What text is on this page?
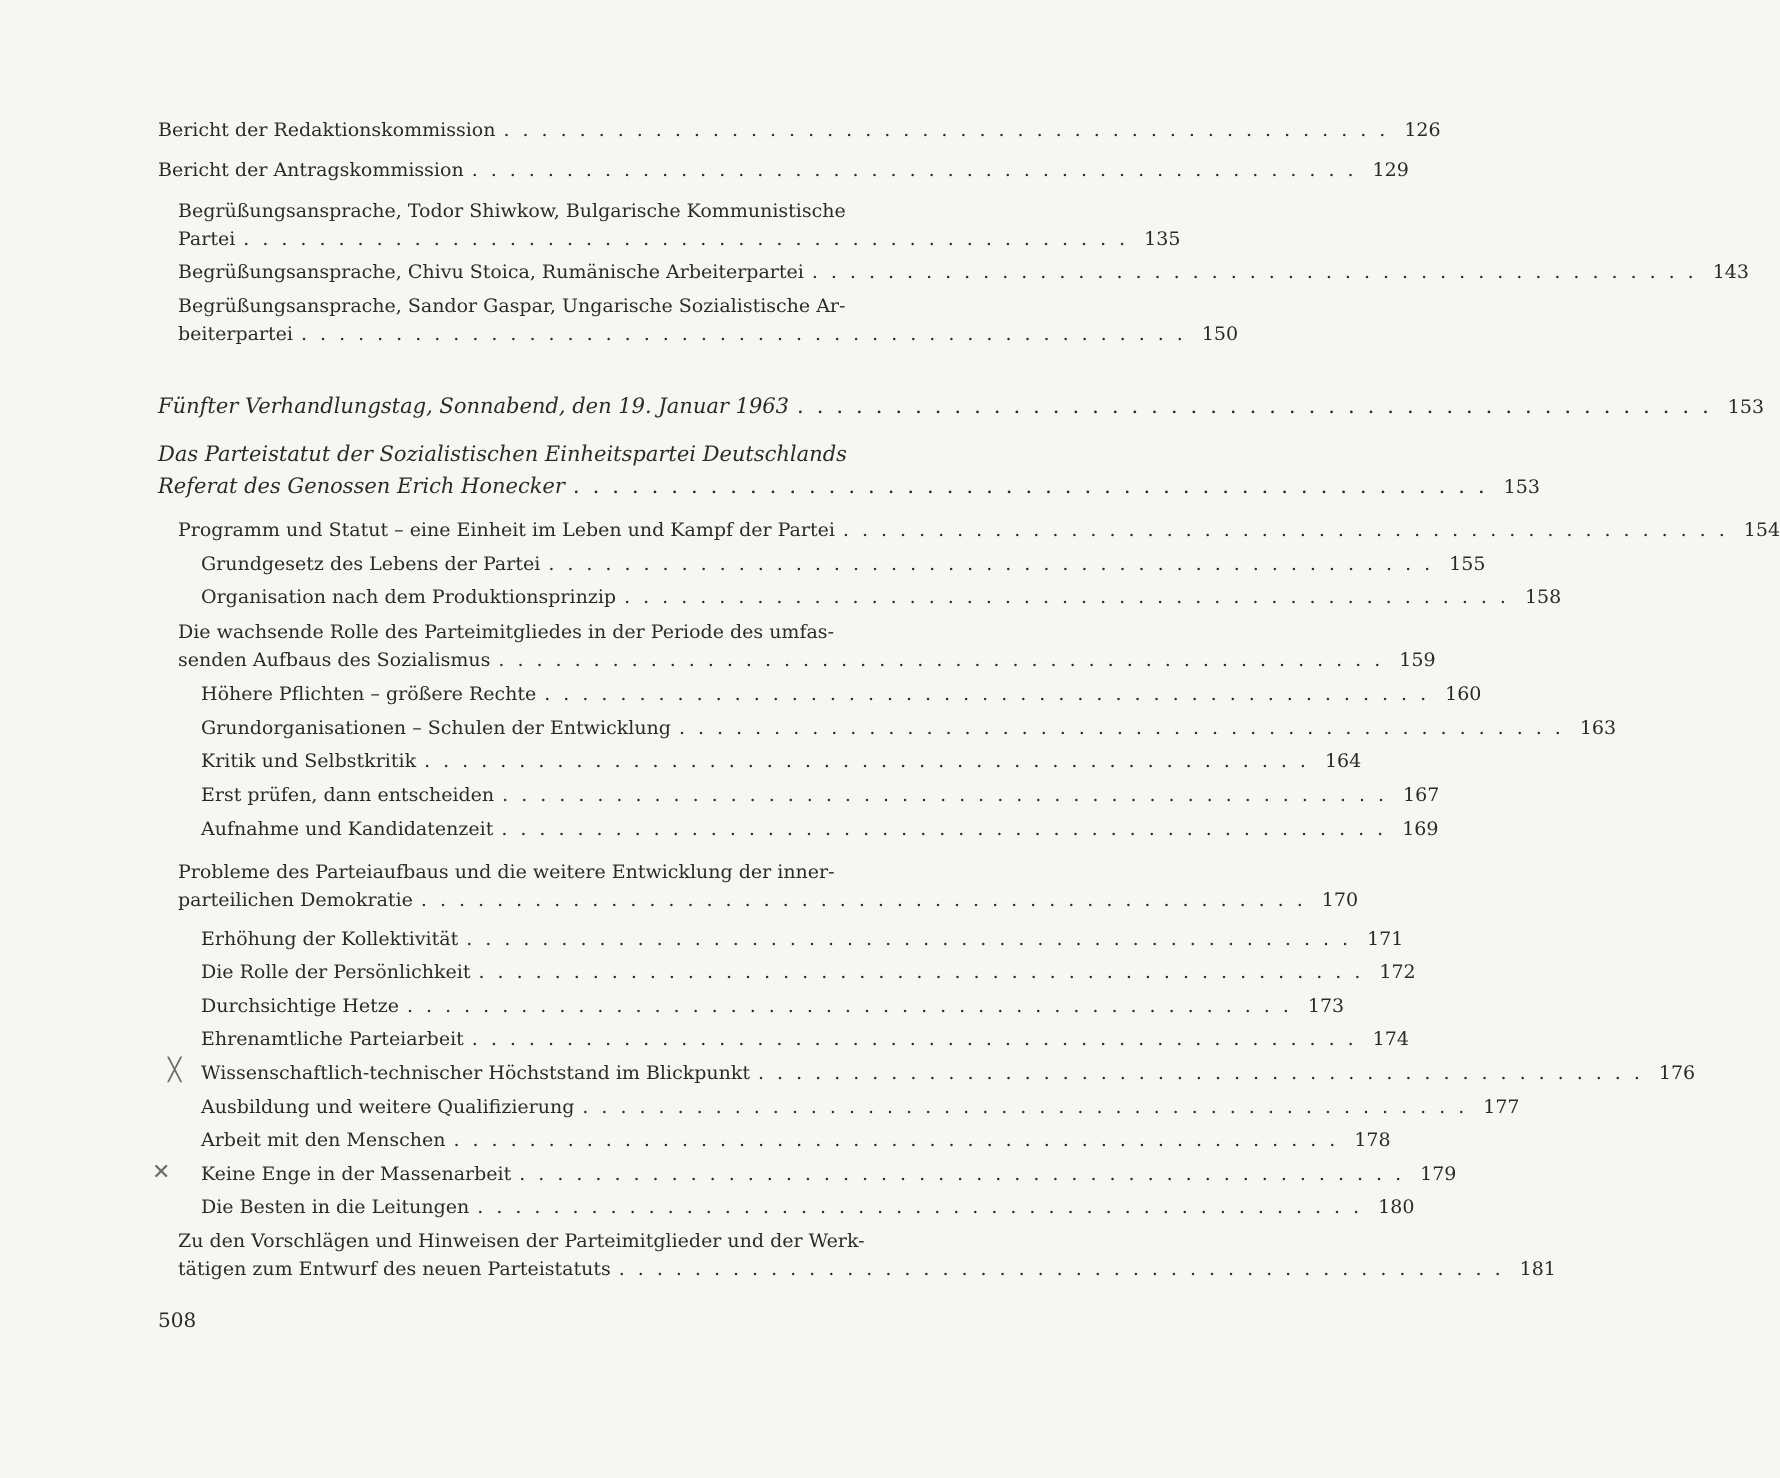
╳
✕
Bericht der Redaktionskommission ............................................... 126
Bericht der Antragskommission ............................................... 129
Begrüßungsansprache, Todor Shiwkow, Bulgarische Kommunistische
Partei ............................................... 135
Begrüßungsansprache, Chivu Stoica, Rumänische Arbeiterpartei ............................................... 143
Begrüßungsansprache, Sandor Gaspar, Ungarische Sozialistische Ar-
beiterpartei ............................................... 150
Fünfter Verhandlungstag, Sonnabend, den 19. Januar 1963 ............................................... 153
Das Parteistatut der Sozialistischen Einheitspartei Deutschlands
Referat des Genossen Erich Honecker ............................................... 153
Programm und Statut – eine Einheit im Leben und Kampf der Partei ............................................... 154
Grundgesetz des Lebens der Partei ............................................... 155
Organisation nach dem Produktionsprinzip ............................................... 158
Die wachsende Rolle des Parteimitgliedes in der Periode des umfas-
senden Aufbaus des Sozialismus ............................................... 159
Höhere Pflichten – größere Rechte ............................................... 160
Grundorganisationen – Schulen der Entwicklung ............................................... 163
Kritik und Selbstkritik ............................................... 164
Erst prüfen, dann entscheiden ............................................... 167
Aufnahme und Kandidatenzeit ............................................... 169
Probleme des Parteiaufbaus und die weitere Entwicklung der inner-
parteilichen Demokratie ............................................... 170
Erhöhung der Kollektivität ............................................... 171
Die Rolle der Persönlichkeit ............................................... 172
Durchsichtige Hetze ............................................... 173
Ehrenamtliche Parteiarbeit ............................................... 174
Wissenschaftlich-technischer Höchststand im Blickpunkt ............................................... 176
Ausbildung und weitere Qualifizierung ............................................... 177
Arbeit mit den Menschen ............................................... 178
Keine Enge in der Massenarbeit ............................................... 179
Die Besten in die Leitungen ............................................... 180
Zu den Vorschlägen und Hinweisen der Parteimitglieder und der Werk-
tätigen zum Entwurf des neuen Parteistatuts ............................................... 181
508
